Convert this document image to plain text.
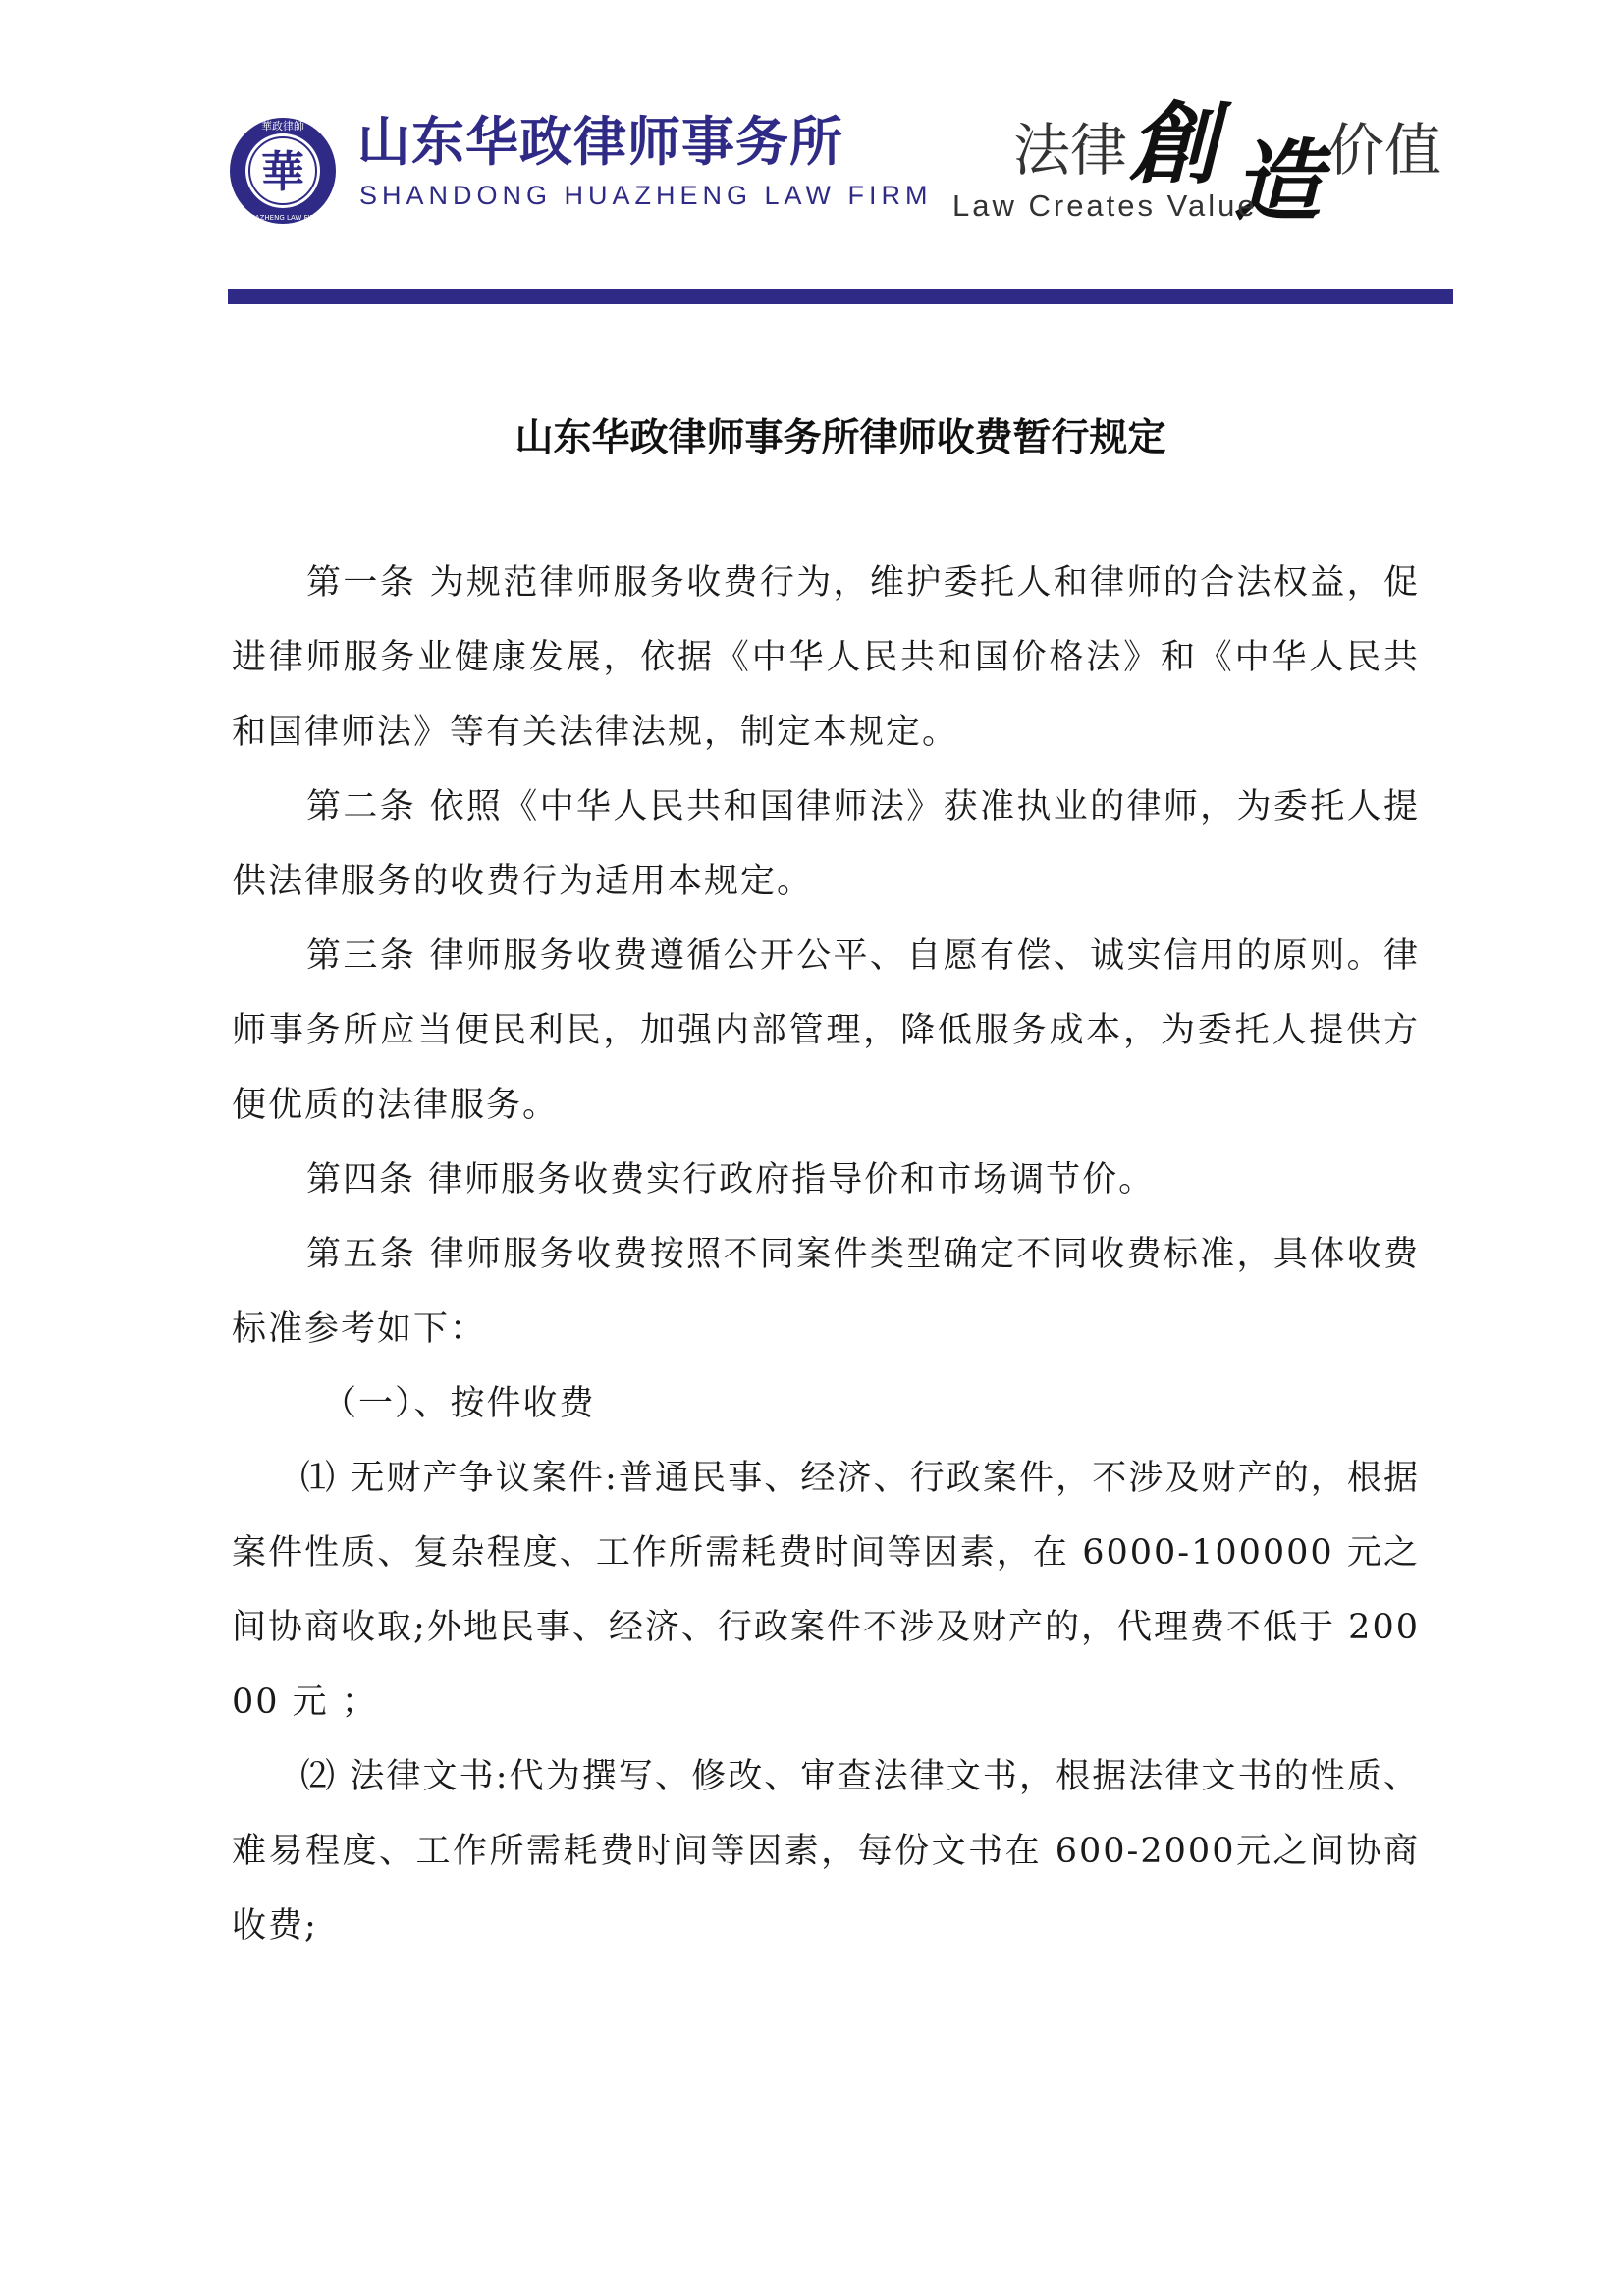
華
華政律師
HUAZHENG LAW FIRM
山东华政律师事务所
SHANDONG HUAZHENG LAW FIRM
法律 創 造 价值
Law Creates Value
山东华政律师事务所律师收费暂行规定

第一条 为规范律师服务收费行为，维护委托人和律师的合法权益，促进律师服务业健康发展，依据《中华人民共和国价格法》和《中华人民共和国律师法》等有关法律法规，制定本规定。

第二条 依照《中华人民共和国律师法》获准执业的律师，为委托人提供法律服务的收费行为适用本规定。

第三条 律师服务收费遵循公开公平、自愿有偿、诚实信用的原则。律师事务所应当便民利民，加强内部管理，降低服务成本，为委托人提供方便优质的法律服务。

第四条 律师服务收费实行政府指导价和市场调节价。

第五条 律师服务收费按照不同案件类型确定不同收费标准，具体收费标准参考如下：

（一）、按件收费

⑴ 无财产争议案件:普通民事、经济、行政案件，不涉及财产的，根据案件性质、复杂程度、工作所需耗费时间等因素，在 6000-100000 元之间协商收取;外地民事、经济、行政案件不涉及财产的，代理费不低于 20000 元 ；

⑵ 法律文书:代为撰写、修改、审查法律文书，根据法律文书的性质、难易程度、工作所需耗费时间等因素，每份文书在 600-2000元之间协商收费;
